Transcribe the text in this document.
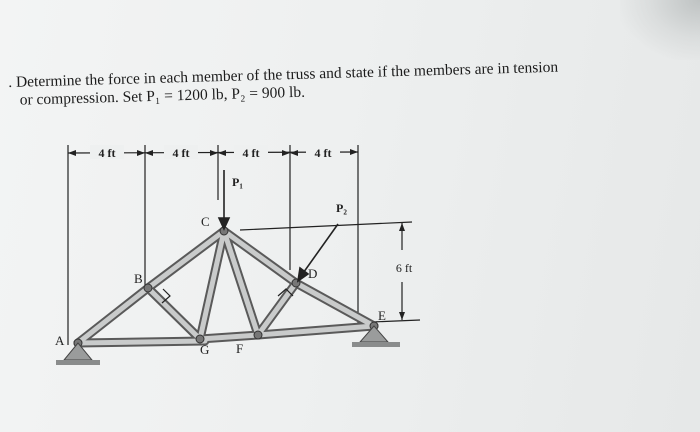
. Determine the force in each member of the truss and state if the members are in tension
or compression. Set P₁ = 1200 lb, P₂ = 900 lb.
4 ft	4 ft	4 ft	4 ft
6 ft
P₁
P₂
A
B
C
D
E
F
G
